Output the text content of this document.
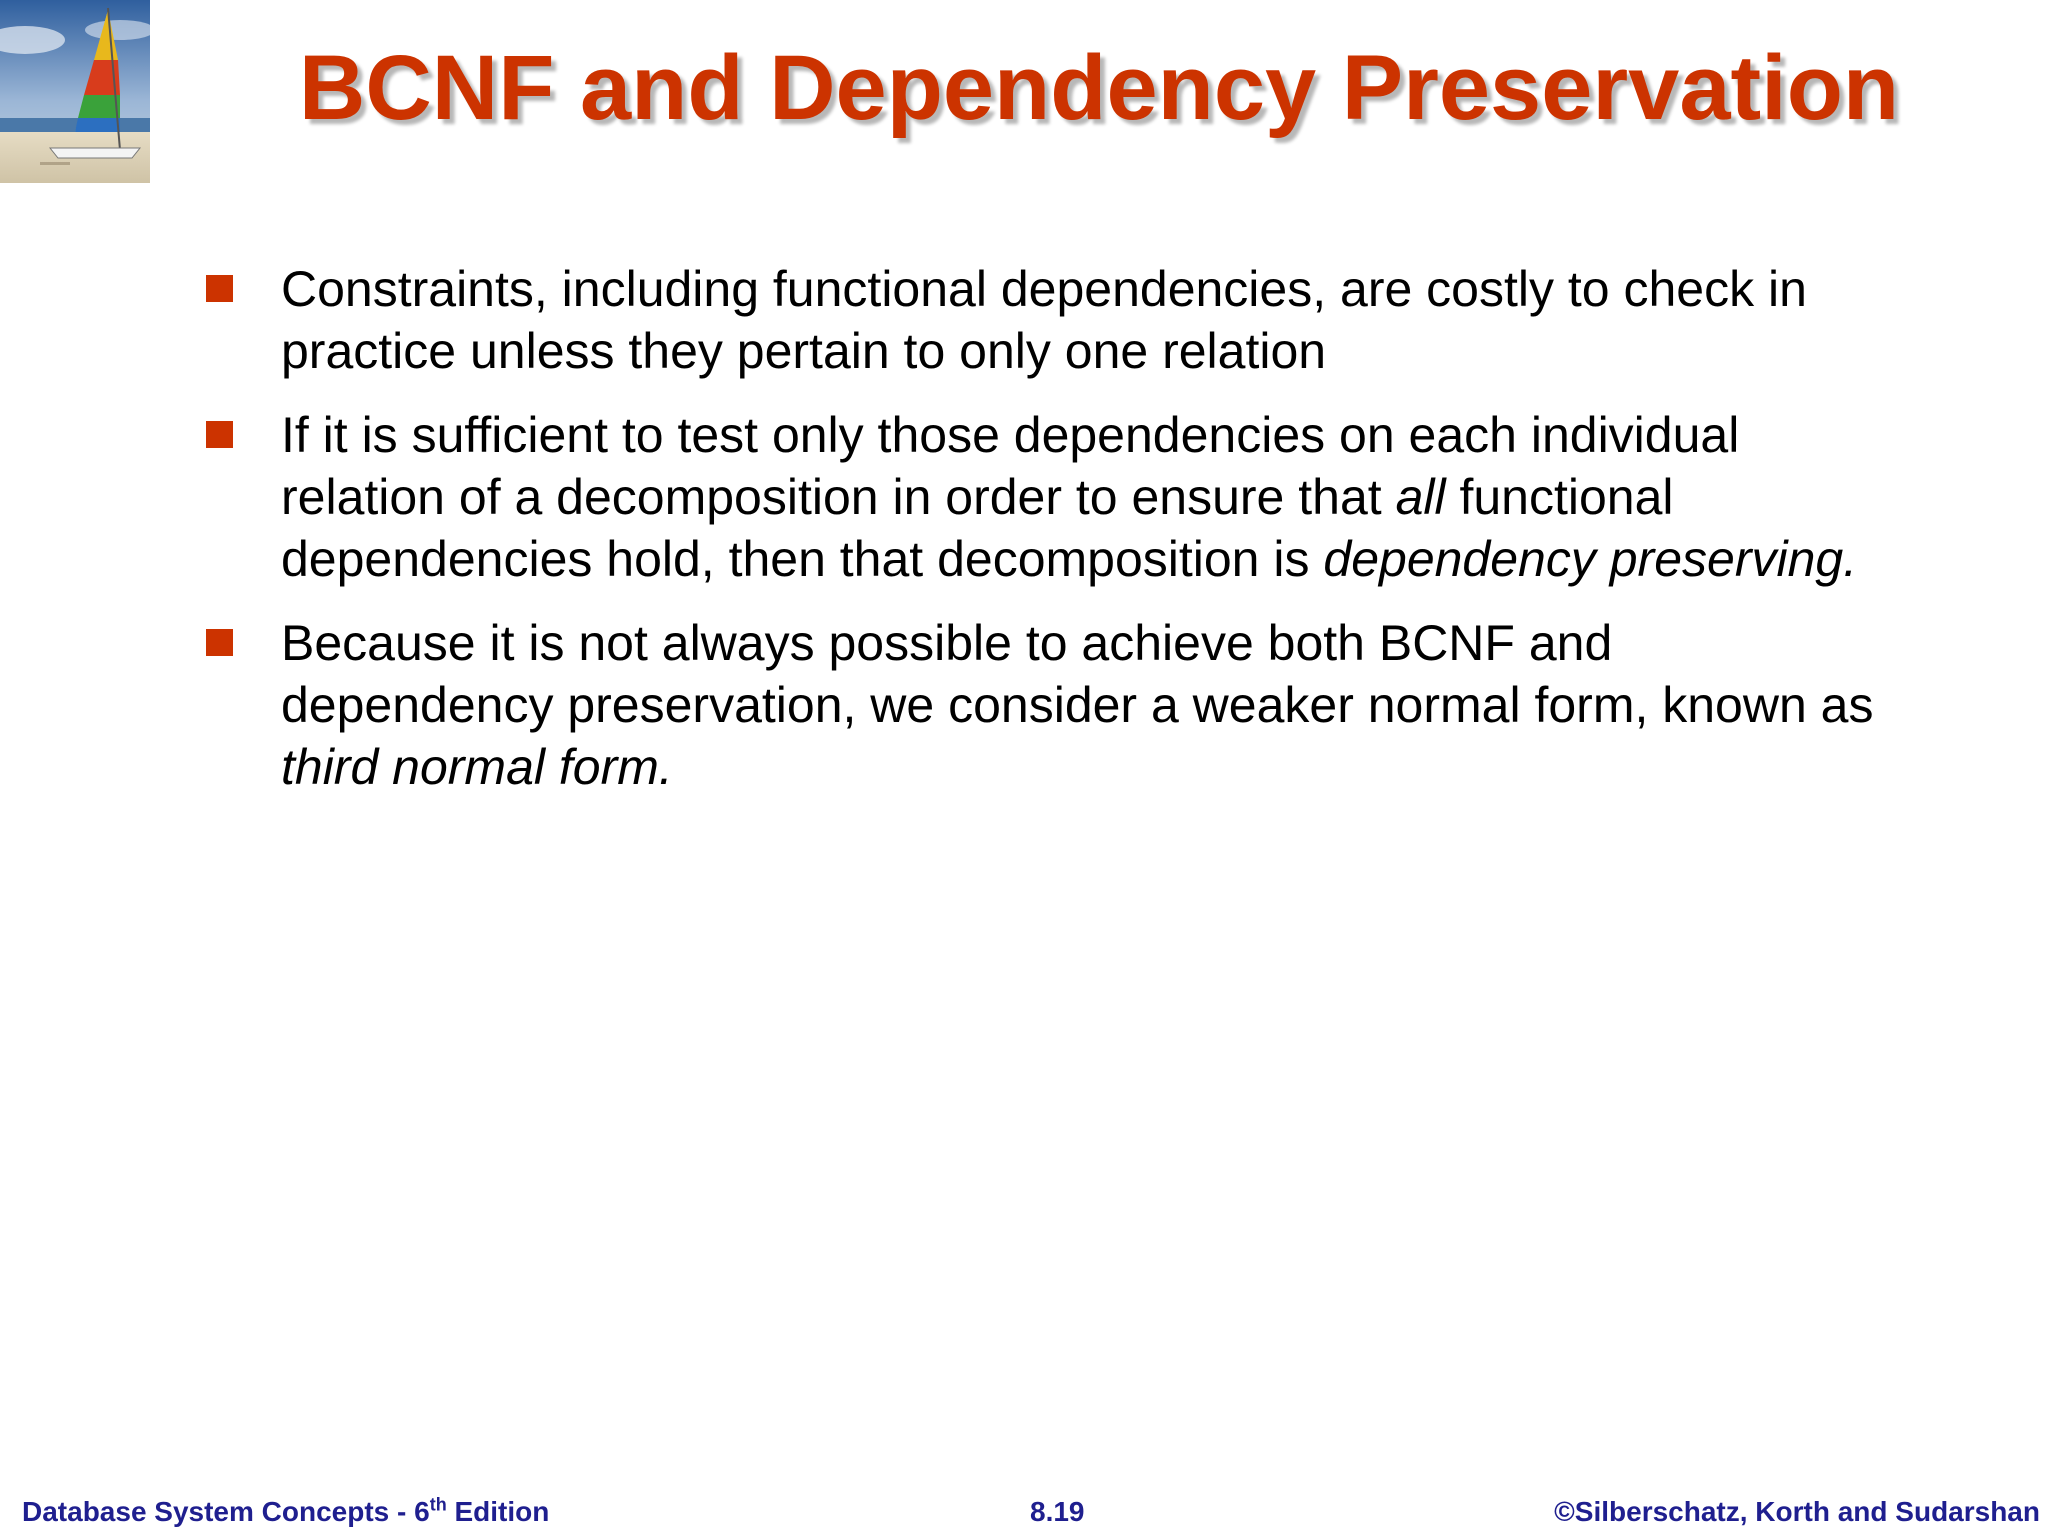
BCNF and Dependency Preservation
Constraints, including functional dependencies, are costly to check in practice unless they pertain to only one relation
If it is sufficient to test only those dependencies on each individual relation of a decomposition in order to ensure that all functional dependencies hold, then that decomposition is dependency preserving.
Because it is not always possible to achieve both BCNF and dependency preservation, we consider a weaker normal form, known as third normal form.
Database System Concepts - 6th Edition	8.19	©Silberschatz, Korth and Sudarshan
